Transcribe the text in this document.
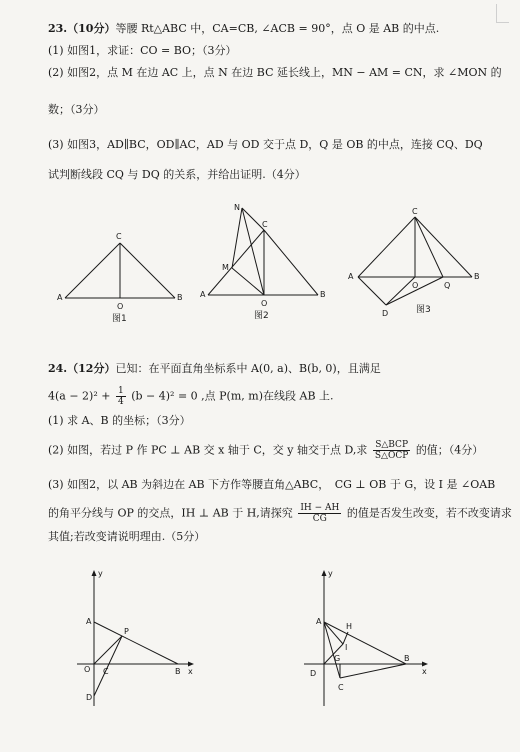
23.（10分）等腰 Rt△ABC 中，CA=CB, ∠ACB = 90°，点 O 是 AB 的中点.
(1) 如图1，求证：CO = BO；（3分）
(2) 如图2，点 M 在边 AC 上，点 N 在边 BC 延长线上，MN − AM = CN，求 ∠MON 的
数；（3分）
(3) 如图3，AD∥BC，OD∥AC，AD 与 OD 交于点 D，Q 是 OB 的中点，连接 CQ、DQ
试判断线段 CQ 与 DQ 的关系，并给出证明.（4分）
C
A	B
O
图1
N
C
M
A	B
O
图2
C
A	B
O	Q
D	图3
24.（12分）已知：在平面直角坐标系中 A(0, a)、B(b, 0)，且满足
$4(a - 2)^2 + \frac{1}{4} (b - 4)^2 = 0$ ,点 P(m, m)在线段 AB 上.
(1) 求 A、B 的坐标；（3分）
(2) 如图，若过 P 作 PC ⊥ AB 交 x 轴于 C，交 y 轴交于点 D,求 $\frac{\text{S△BCP}}{\text{S△OCP}}$ 的值；（4分）
(3) 如图2，以 AB 为斜边在 AB 下方作等腰直角△ABC，　CG ⊥ OB 于 G，设 I 是 ∠OAB
的角平分线与 OP 的交点，IH ⊥ AB 于 H,请探究 $\frac{IH - AH}{CG}$ 的值是否发生改变，若不改变请求
其值;若改变请说明理由.（5分）
y
x
A
P
O C	B
D
y
x
A
H
I
G	B
D
C
